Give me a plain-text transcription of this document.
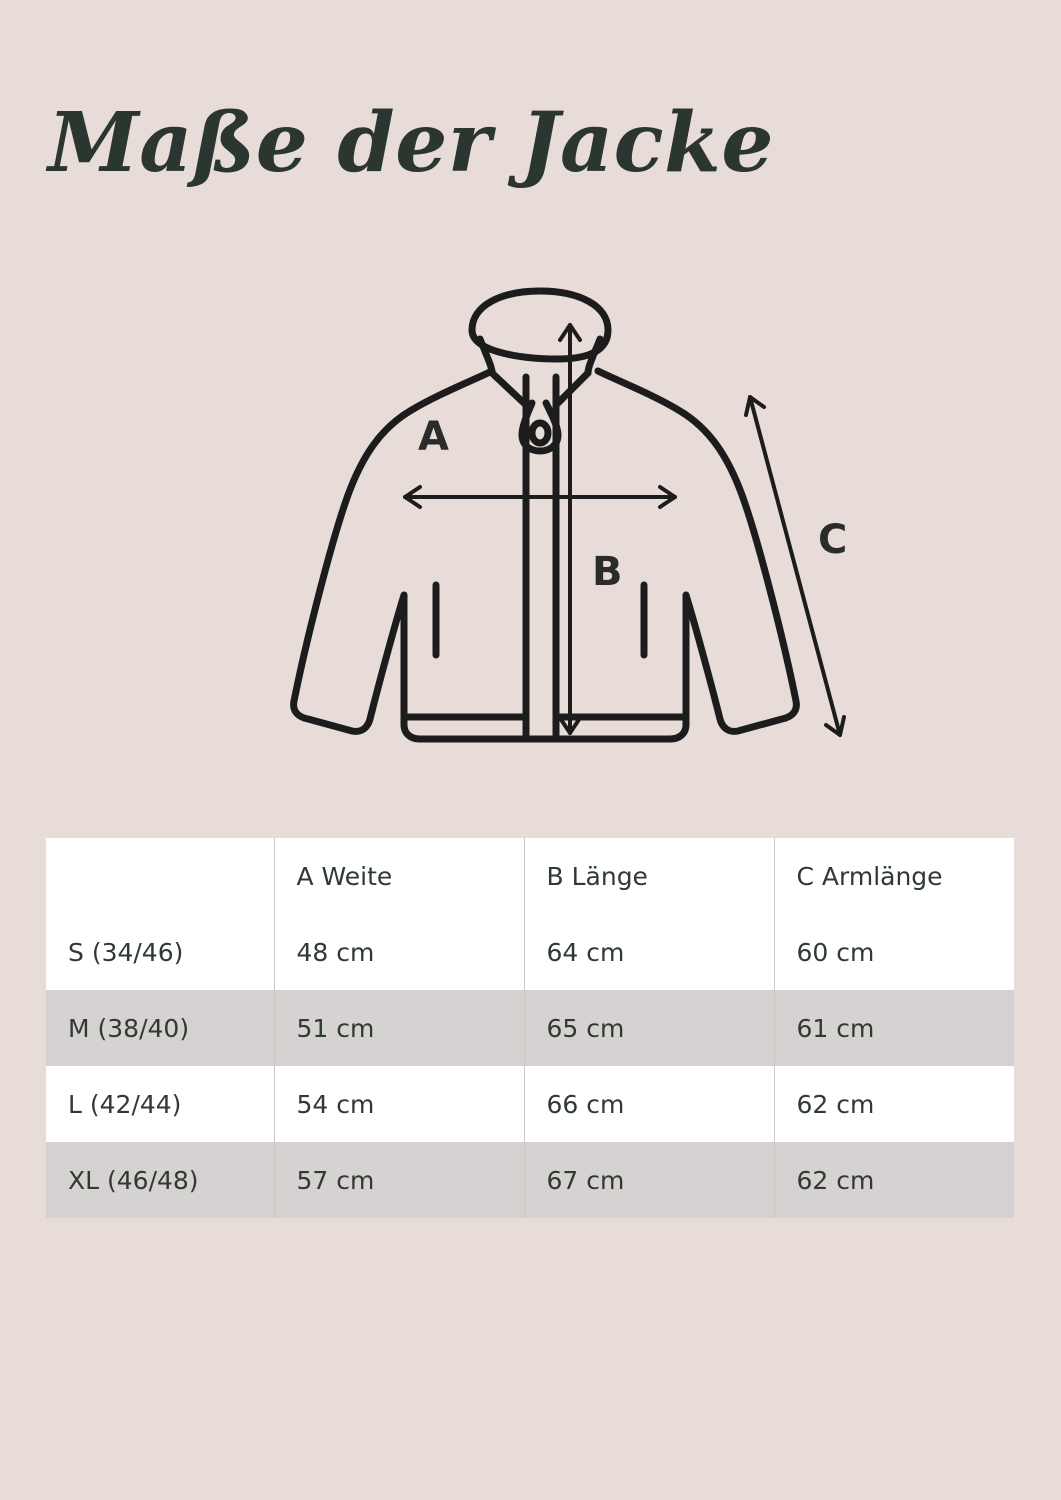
Maße der Jacke
A
B
C
	A Weite	B Länge	C Armlänge
S (34/46)	48 cm	64 cm	60 cm
M (38/40)	51 cm	65 cm	61 cm
L (42/44)	54 cm	66 cm	62 cm
XL (46/48)	57 cm	67 cm	62 cm
